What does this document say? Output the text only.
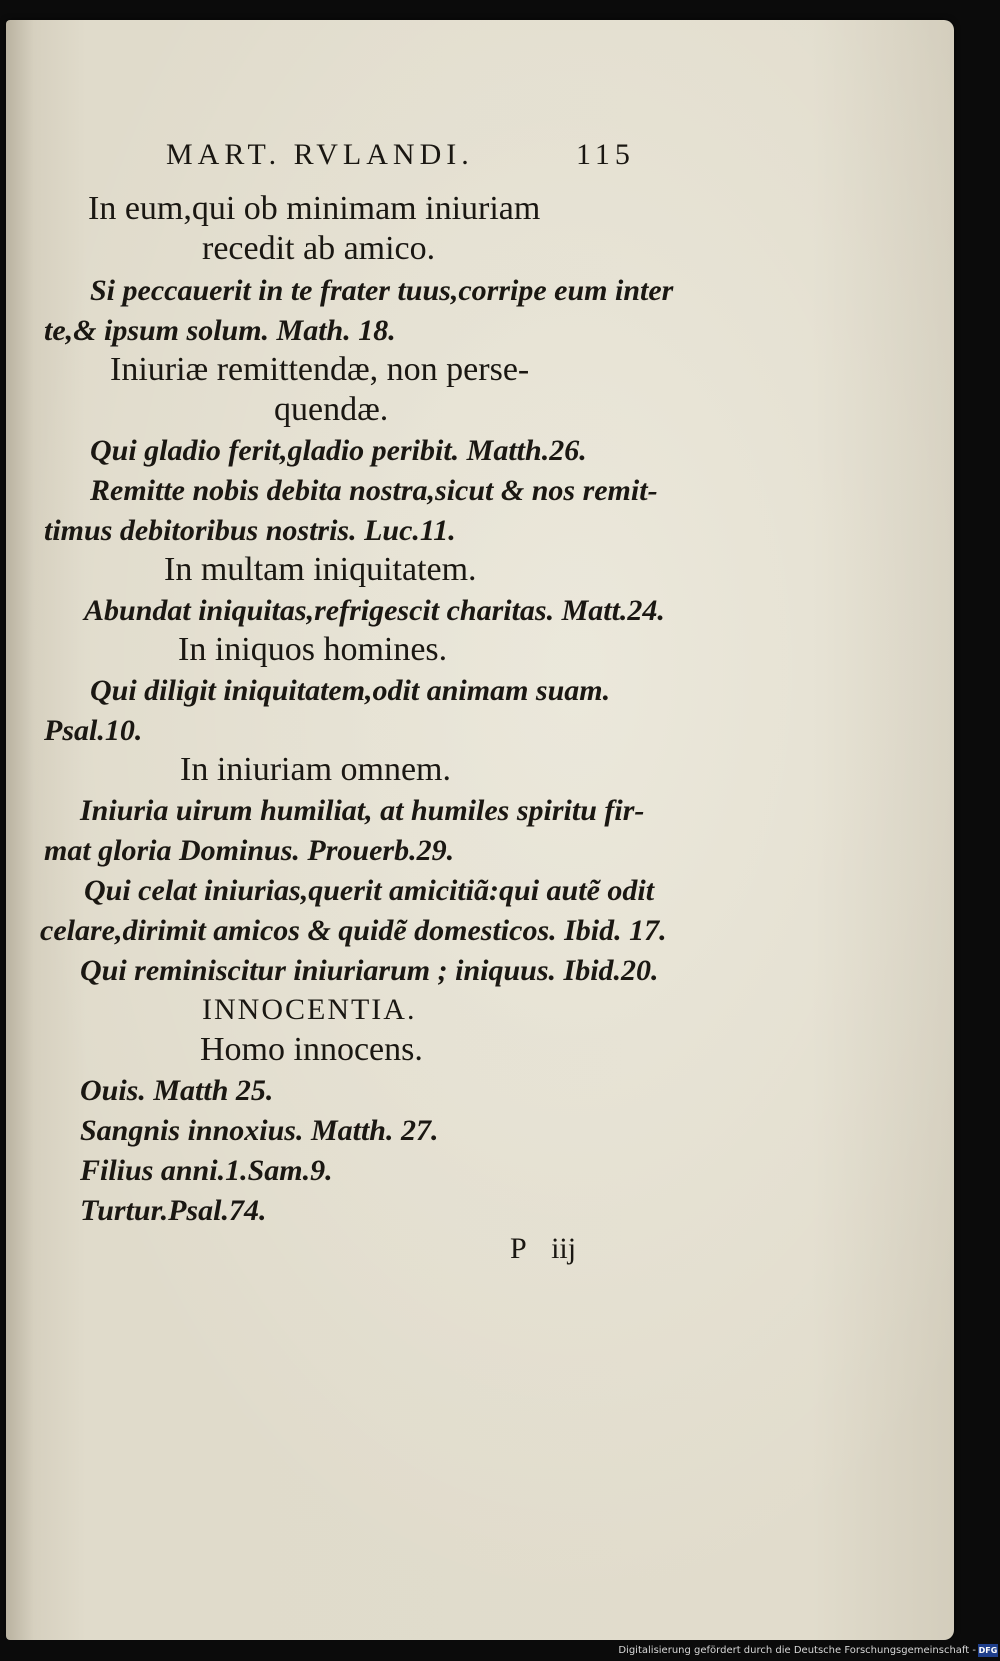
MART. RVLANDI.	115
In eum,qui ob minimam iniuriam
recedit ab amico.
Si peccauerit in te frater tuus,corripe eum inter
te,& ipsum solum. Math. 18.
Iniuriæ remittendæ, non perse-
quendæ.
Qui gladio ferit,gladio peribit. Matth.26.
Remitte nobis debita nostra,sicut & nos remit-
timus debitoribus nostris. Luc.11.
In multam iniquitatem.
Abundat iniquitas,refrigescit charitas. Matt.24.
In iniquos homines.
Qui diligit iniquitatem,odit animam suam.
Psal.10.
In iniuriam omnem.
Iniuria uirum humiliat, at humiles spiritu fir-
mat gloria Dominus. Prouerb.29.
Qui celat iniurias,querit amicitiã:qui autẽ odit
celare,dirimit amicos & quidẽ domesticos. Ibid. 17.
Qui reminiscitur iniuriarum ; iniquus. Ibid.20.
INNOCENTIA.
Homo innocens.
Ouis. Matth 25.
Sangnis innoxius. Matth. 27.
Filius anni.1.Sam.9.
Turtur.Psal.74.
P iij
Digitalisierung gefördert durch die Deutsche Forschungsgemeinschaft - DFG
